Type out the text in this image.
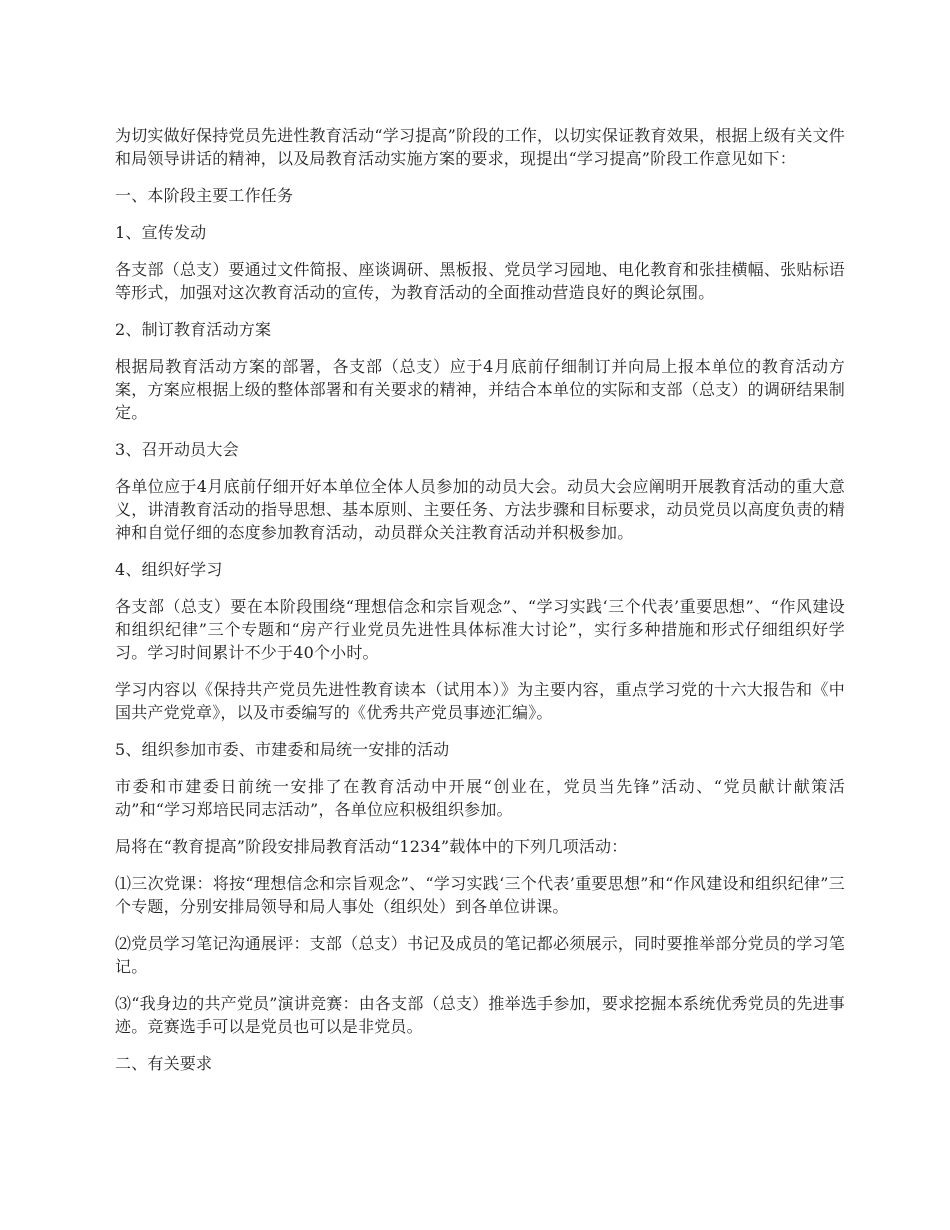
为切实做好保持党员先进性教育活动“学习提高”阶段的工作，以切实保证教育效果，根据上级有关文件和局领导讲话的精神，以及局教育活动实施方案的要求，现提出“学习提高”阶段工作意见如下：

一、本阶段主要工作任务

1、宣传发动

各支部（总支）要通过文件简报、座谈调研、黑板报、党员学习园地、电化教育和张挂横幅、张贴标语等形式，加强对这次教育活动的宣传，为教育活动的全面推动营造良好的舆论氛围。

2、制订教育活动方案

根据局教育活动方案的部署，各支部（总支）应于4月底前仔细制订并向局上报本单位的教育活动方案，方案应根据上级的整体部署和有关要求的精神，并结合本单位的实际和支部（总支）的调研结果制定。

3、召开动员大会

各单位应于4月底前仔细开好本单位全体人员参加的动员大会。动员大会应阐明开展教育活动的重大意义，讲清教育活动的指导思想、基本原则、主要任务、方法步骤和目标要求，动员党员以高度负责的精神和自觉仔细的态度参加教育活动，动员群众关注教育活动并积极参加。

4、组织好学习

各支部（总支）要在本阶段围绕“理想信念和宗旨观念”、“学习实践‘三个代表’重要思想”、“作风建设和组织纪律”三个专题和“房产行业党员先进性具体标准大讨论”，实行多种措施和形式仔细组织好学习。学习时间累计不少于40个小时。

学习内容以《保持共产党员先进性教育读本（试用本）》为主要内容，重点学习党的十六大报告和《中国共产党党章》，以及市委编写的《优秀共产党员事迹汇编》。

5、组织参加市委、市建委和局统一安排的活动

市委和市建委日前统一安排了在教育活动中开展“创业在，党员当先锋”活动、“党员献计献策活动”和“学习郑培民同志活动”，各单位应积极组织参加。

局将在“教育提高”阶段安排局教育活动“1234”载体中的下列几项活动：

⑴三次党课：将按“理想信念和宗旨观念”、“学习实践‘三个代表’重要思想”和“作风建设和组织纪律”三个专题，分别安排局领导和局人事处（组织处）到各单位讲课。

⑵党员学习笔记沟通展评：支部（总支）书记及成员的笔记都必须展示，同时要推举部分党员的学习笔记。

⑶“我身边的共产党员”演讲竞赛：由各支部（总支）推举选手参加，要求挖掘本系统优秀党员的先进事迹。竞赛选手可以是党员也可以是非党员。

二、有关要求
